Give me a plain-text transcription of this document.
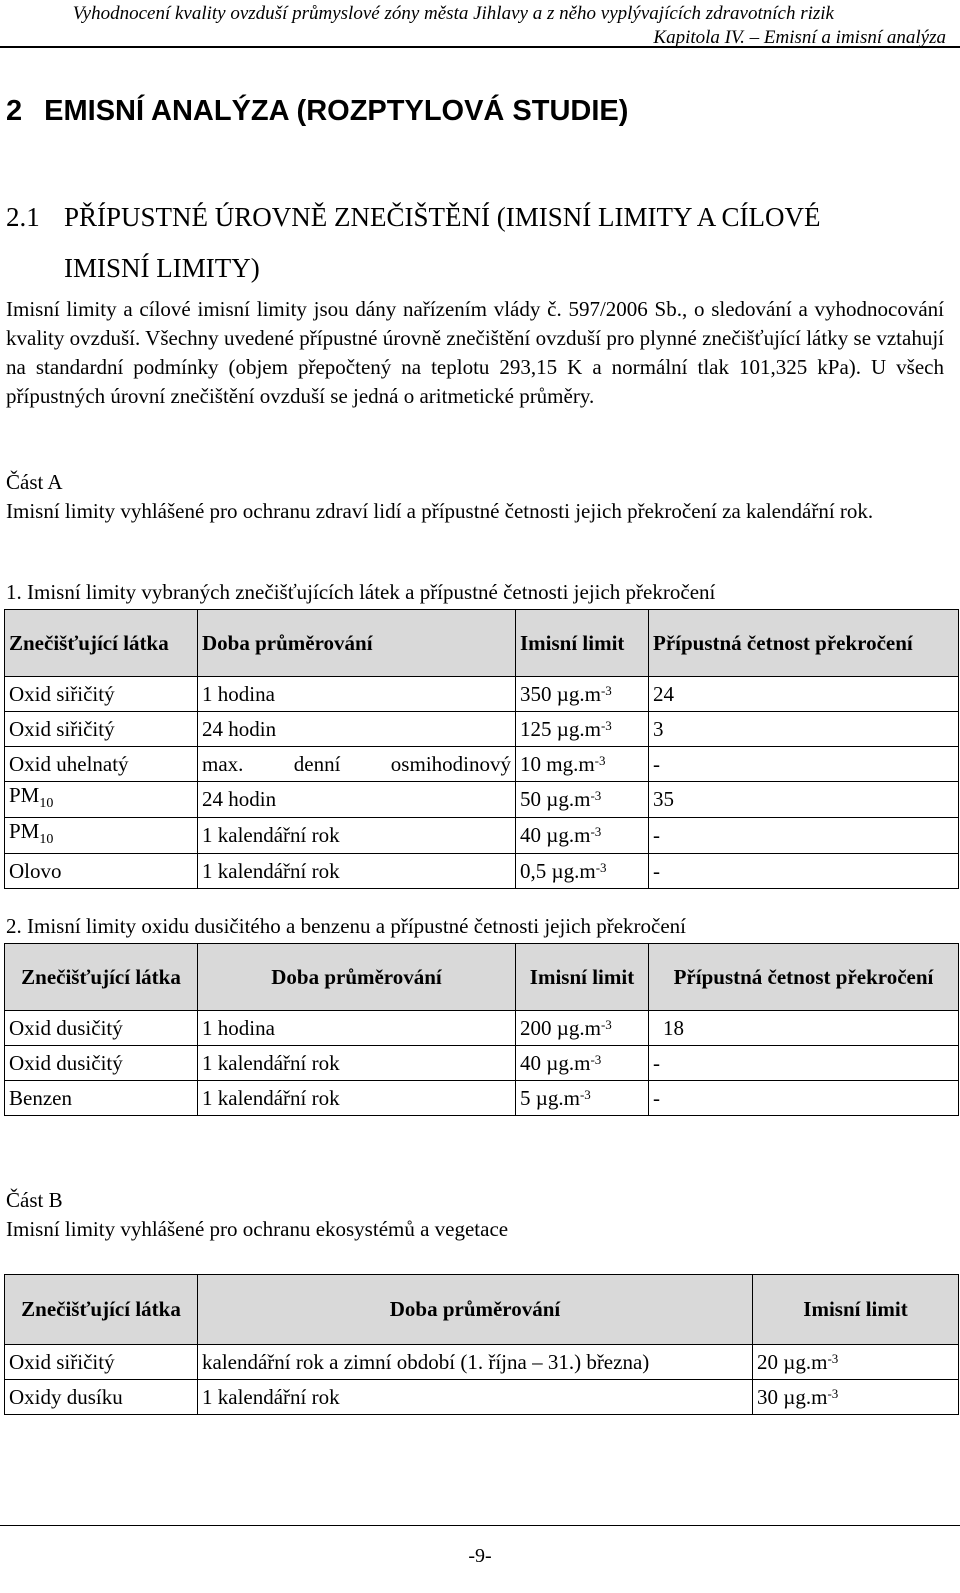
Vyhodnocení kvality ovzduší průmyslové zóny města Jihlavy a z něho vyplývajících zdravotních rizik
Kapitola IV. – Emisní a imisní analýza
2 EMISNÍ ANALÝZA (ROZPTYLOVÁ STUDIE)
2.1 PŘÍPUSTNÉ ÚROVNĚ ZNEČIŠTĚNÍ (IMISNÍ LIMITY A CÍLOVÉ
IMISNÍ LIMITY)
Imisní limity a cílové imisní limity jsou dány nařízením vlády č. 597/2006 Sb., o sledování a vyhodnocování kvality ovzduší. Všechny uvedené přípustné úrovně znečištění ovzduší pro plynné znečišťující látky se vztahují na standardní podmínky (objem přepočtený na teplotu 293,15 K a normální tlak 101,325 kPa). U všech přípustných úrovní znečištění ovzduší se jedná o aritmetické průměry.
Část A
Imisní limity vyhlášené pro ochranu zdraví lidí a přípustné četnosti jejich překročení za kalendářní rok.
1. Imisní limity vybraných znečišťujících látek a přípustné četnosti jejich překročení
Znečišťující látka	Doba průměrování	Imisní limit	Přípustná četnost překročení
Oxid siřičitý	1 hodina	350 $\mu g.m^{-3}$	24
Oxid siřičitý	24 hodin	125 $\mu g.m^{-3}$	3
Oxid uhelnatý	max. denní osmihodinový	10 $mg.m^{-3}$	-
$PM_{10}$	24 hodin	50 $\mu g.m^{-3}$	35
$PM_{10}$	1 kalendářní rok	40 $\mu g.m^{-3}$	-
Olovo	1 kalendářní rok	0,5 $\mu g.m^{-3}$	-
2. Imisní limity oxidu dusičitého a benzenu a přípustné četnosti jejich překročení
Znečišťující látka	Doba průměrování	Imisní limit	Přípustná četnost překročení
Oxid dusičitý	1 hodina	200 $\mu g.m^{-3}$	18
Oxid dusičitý	1 kalendářní rok	40 $\mu g.m^{-3}$	-
Benzen	1 kalendářní rok	5 $\mu g.m^{-3}$	-
Část B
Imisní limity vyhlášené pro ochranu ekosystémů a vegetace
Znečišťující látka	Doba průměrování	Imisní limit
Oxid siřičitý	kalendářní rok a zimní období (1. října – 31.) března)	20 $\mu g.m^{-3}$
Oxidy dusíku	1 kalendářní rok	30 $\mu g.m^{-3}$
-9-
